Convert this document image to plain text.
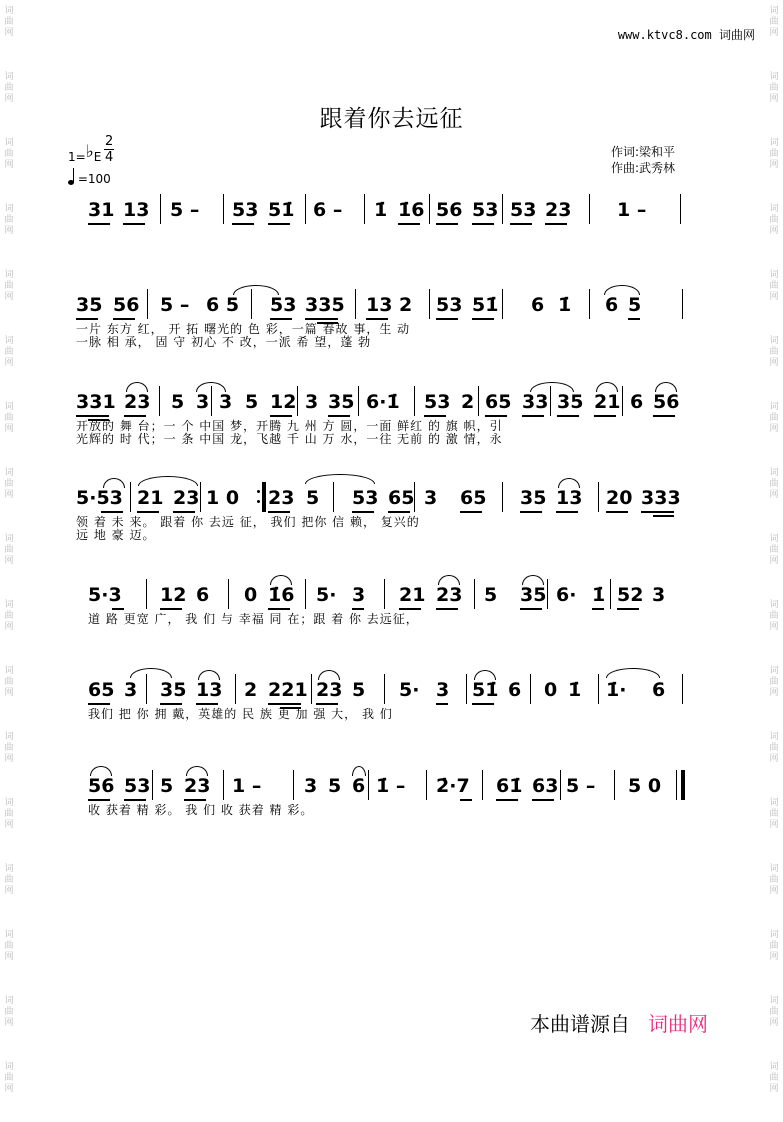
词
曲
网
词
曲
网
词
曲
网
词
曲
网
词
曲
网
词
曲
网
词
曲
网
词
曲
网
词
曲
网
词
曲
网
词
曲
网
词
曲
网
词
曲
网
词
曲
网
词
曲
网
词
曲
网
词
曲
网
词
曲
网
词
曲
网
词
曲
网
词
曲
网
词
曲
网
词
曲
网
词
曲
网
词
曲
网
词
曲
网
词
曲
网
词
曲
网
词
曲
网
词
曲
网
词
曲
网
词
曲
网
词
曲
网
词
曲
网
www.ktvc8.com 词曲网
跟着你去远征
1=♭E $\frac{2}{4}$
=100
作词:梁和平
作曲:武秀林
31 13 5 – 53 51̇ 6 – 1̇ 1̇6 56 53 53 23 1 –
35 56 5 – 6 5 53 335 13 2 53 51̇ 6 1̇ 6 5
一片 东方 红， 开 拓 曙光的 色 彩，一篇 春故 事，生 动
一脉 相 承， 固 守 初心 不 改，一派 希 望，蓬 勃
331 23 5 3 3 5 12 3 35 6·1̇ 53 2 65 33 35 21 6 56
开放的 舞 台；一 个 中国 梦，开腾 九 州 方 圆，一面 鲜红 的 旗 帜，引
光辉的 时 代；一 条 中国 龙，飞越 千 山 万 水，一往 无前 的 激 情，永
5·53 21 23 1 0 23 5 53 65 3 65 35 13 20 333
领 着 未 来。 跟着 你 去远 征， 我们 把你 信 赖， 复兴的
远 地 豪 迈。
5·3 12 6 0 1̇6 5· 3 21 23 5 35 6· 1̇ 52 3
道 路 更宽 广， 我 们 与 幸福 同 在；跟 着 你 去远征，
65 3 35 13 2 221 23 5 5· 3 51̇ 6 0 1̇ 1̇· 6
我们 把 你 拥 戴，英雄的 民 族 更 加 强 大， 我 们
56 53 5 23 1 – 3 5 6 1̇ – 2̇·7 61̇ 63 5 – 5 0
收 获着 精 彩。 我 们 收 获着 精 彩。
本曲谱源自 词曲网
